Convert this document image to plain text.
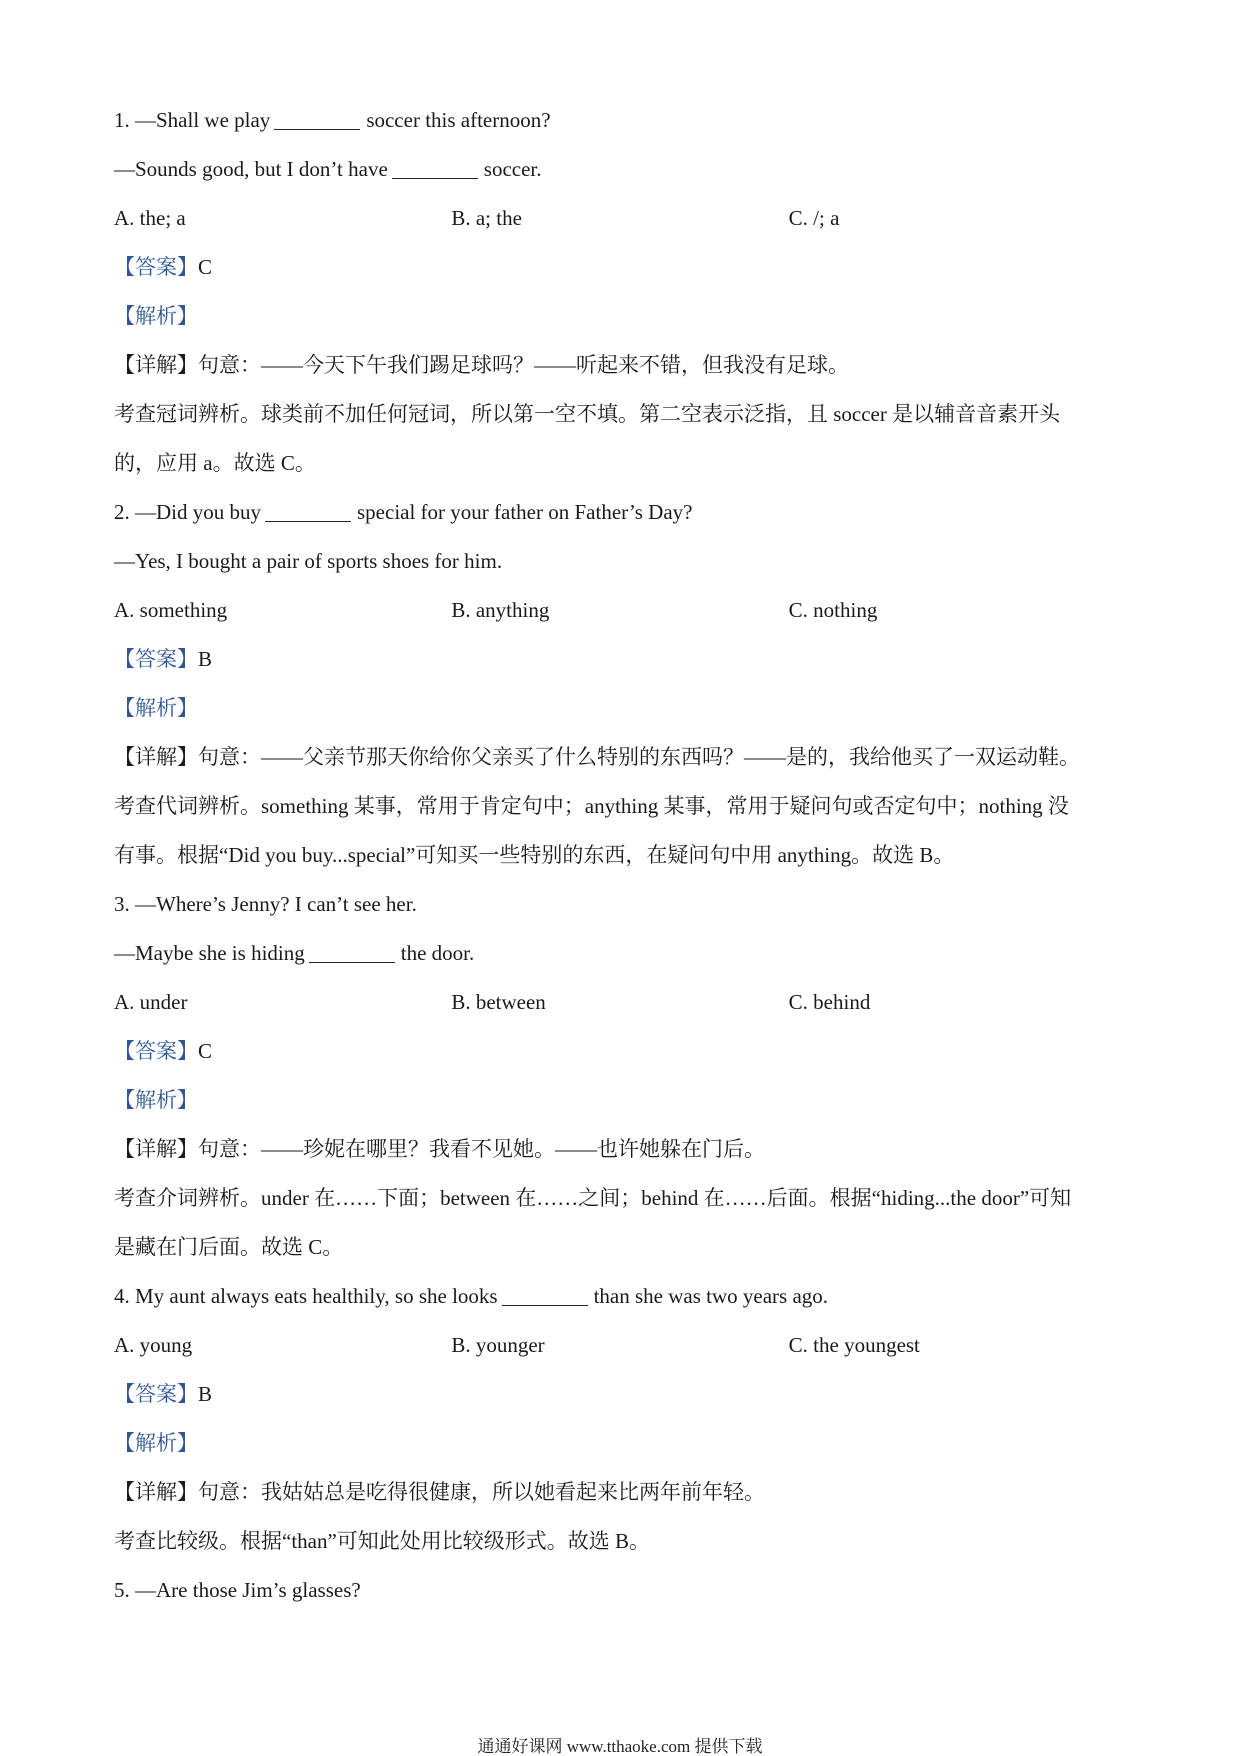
1. —Shall we play	soccer this afternoon?
—Sounds good, but I don’t have	soccer.
A. the; a	B. a; the	C. /; a
【答案】C
【解析】
【详解】句意：——今天下午我们踢足球吗？——听起来不错，但我没有足球。
考查冠词辨析。球类前不加任何冠词，所以第一空不填。第二空表示泛指，且 soccer 是以辅音音素开头
的，应用 a。故选 C。
2. —Did you buy	special for your father on Father’s Day?
—Yes, I bought a pair of sports shoes for him.
A. something	B. anything	C. nothing
【答案】B
【解析】
【详解】句意：——父亲节那天你给你父亲买了什么特别的东西吗？——是的，我给他买了一双运动鞋。
考查代词辨析。something 某事，常用于肯定句中；anything 某事，常用于疑问句或否定句中；nothing 没
有事。根据“Did you buy...special”可知买一些特别的东西，在疑问句中用 anything。故选 B。
3. —Where’s Jenny? I can’t see her.
—Maybe she is hiding	the door.
A. under	B. between	C. behind
【答案】C
【解析】
【详解】句意：——珍妮在哪里？我看不见她。——也许她躲在门后。
考查介词辨析。under 在……下面；between 在……之间；behind 在……后面。根据“hiding...the door”可知
是藏在门后面。故选 C。
4. My aunt always eats healthily, so she looks	than she was two years ago.
A. young	B. younger	C. the youngest
【答案】B
【解析】
【详解】句意：我姑姑总是吃得很健康，所以她看起来比两年前年轻。
考查比较级。根据“than”可知此处用比较级形式。故选 B。
5. —Are those Jim’s glasses?
通通好课网 www.tthaoke.com 提供下载
